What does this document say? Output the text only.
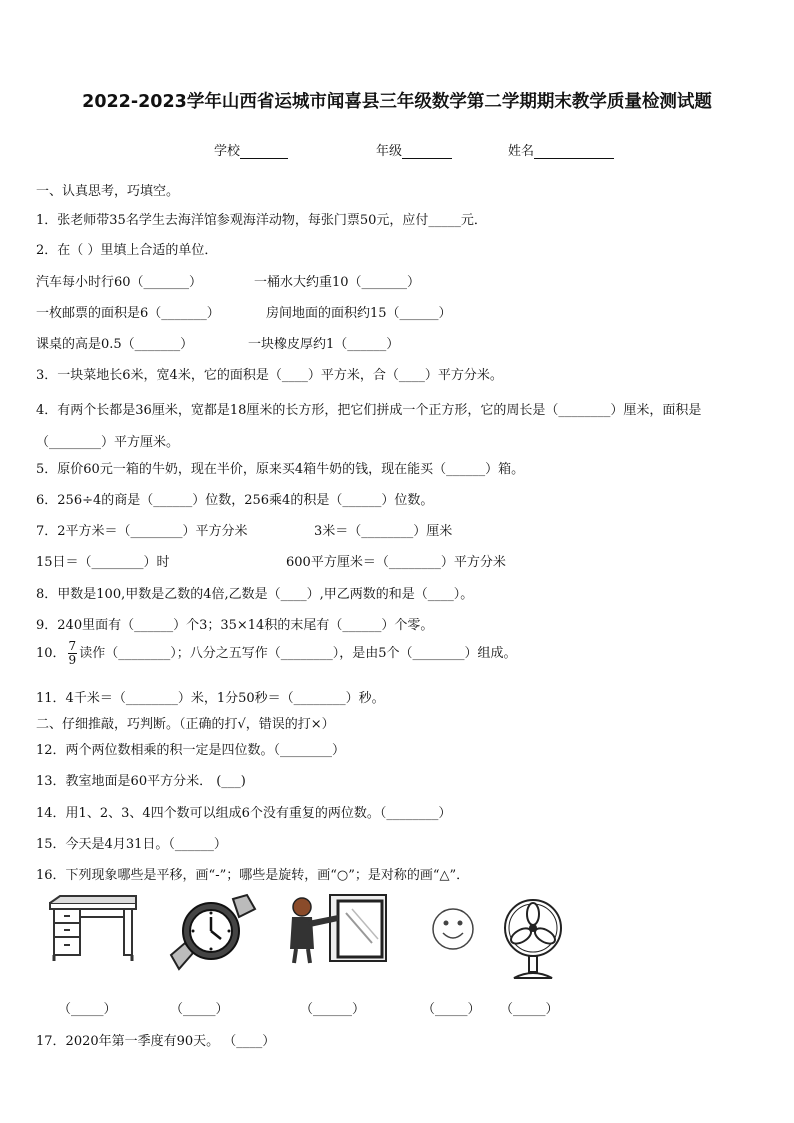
2022-2023学年山西省运城市闻喜县三年级数学第二学期期末教学质量检测试题
学校	年级	姓名
一、认真思考，巧填空。
1．张老师带35名学生去海洋馆参观海洋动物，每张门票50元，应付_____元．
2．在（ ）里填上合适的单位．
汽车每小时行60（_______）	一桶水大约重10（_______）
一枚邮票的面积是6（_______）	房间地面的面积约15（______）
课桌的高是0.5（_______）	一块橡皮厚约1（______）
3．一块菜地长6米，宽4米，它的面积是（____）平方米，合（____）平方分米。
4．有两个长都是36厘米，宽都是18厘米的长方形，把它们拼成一个正方形，它的周长是（________）厘米，面积是（________）平方厘米。
5．原价60元一箱的牛奶，现在半价，原来买4箱牛奶的钱，现在能买（______）箱。
6．256÷4的商是（______）位数，256乘4的积是（______）位数。
7．2平方米＝（________）平方分米	3米＝（________）厘米
15日＝（________）时	600平方厘米＝（________）平方分米
8．甲数是100,甲数是乙数的4倍,乙数是（____）,甲乙两数的和是（____）。
9．240里面有（______）个3；35×14积的末尾有（______）个零。
10． $\frac{7}{9}$ 读作（________）；八分之五写作（________），是由5个（________）组成。
11．4千米＝（________）米，1分50秒＝（________）秒。
二、仔细推敲，巧判断。（正确的打√，错误的打×）
12．两个两位数相乘的积一定是四位数。（________）
13．教室地面是60平方分米． (___)
14．用1、2、3、4四个数可以组成6个没有重复的两位数。（________）
15．今天是4月31日。（______）
16．下列现象哪些是平移，画“-”；哪些是旋转，画“○”；是对称的画“△”．
（_____）	（_____）	（______）	（_____） （_____）
17．2020年第一季度有90天。 （____）
